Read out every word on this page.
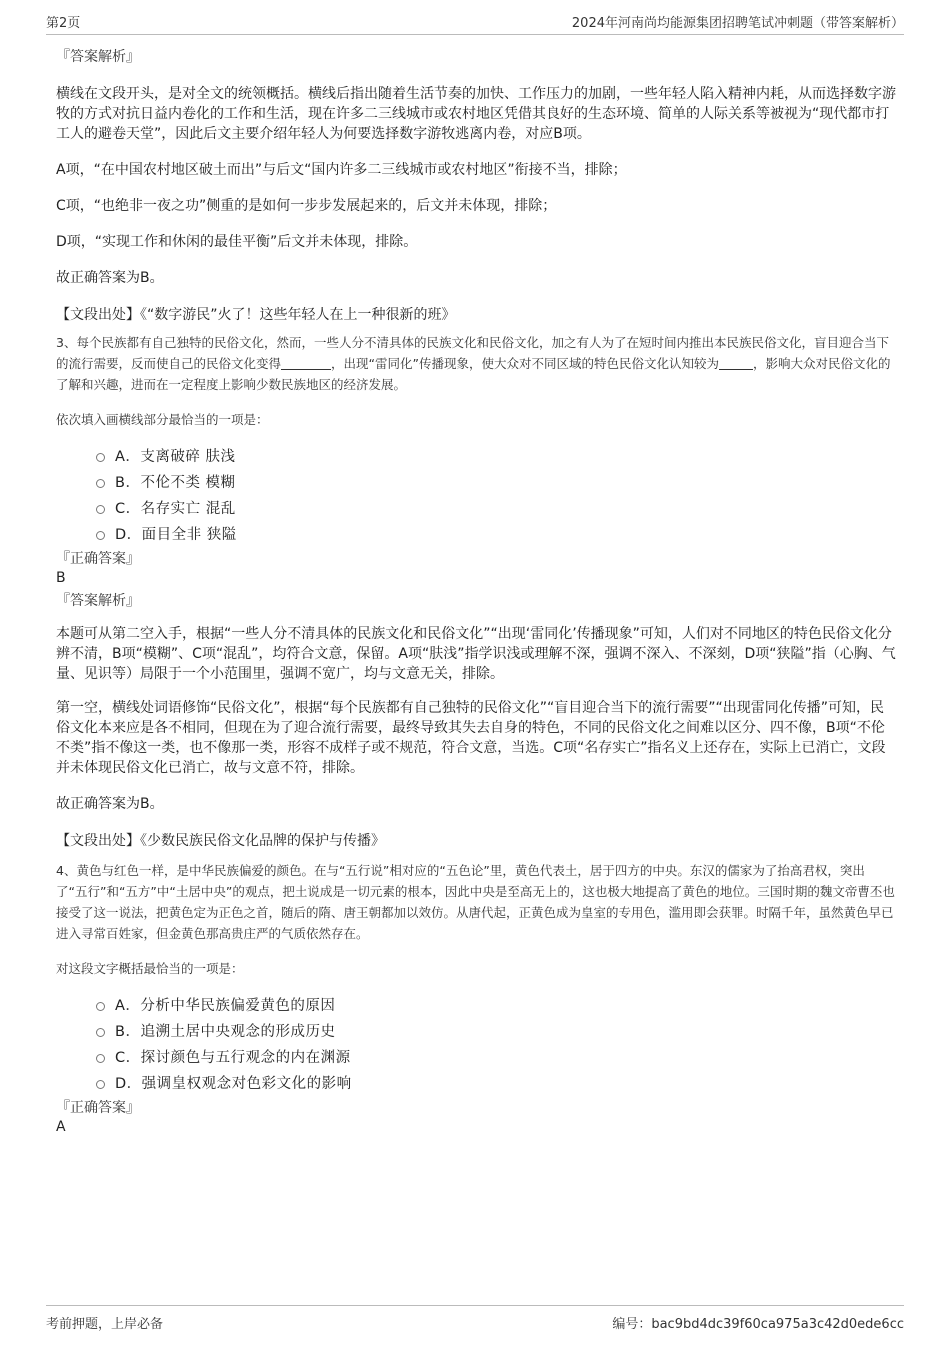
第2页	2024年河南尚均能源集团招聘笔试冲刺题（带答案解析）
『答案解析』

横线在文段开头，是对全文的统领概括。横线后指出随着生活节奏的加快、工作压力的加剧，一些年轻人陷入精神内耗，从而选择数字游牧的方式对抗日益内卷化的工作和生活，现在许多二三线城市或农村地区凭借其良好的生态环境、简单的人际关系等被视为“现代都市打工人的避卷天堂”，因此后文主要介绍年轻人为何要选择数字游牧逃离内卷，对应B项。

A项，“在中国农村地区破土而出”与后文“国内许多二三线城市或农村地区”衔接不当，排除；

C项，“也绝非一夜之功”侧重的是如何一步步发展起来的，后文并未体现，排除；

D项，“实现工作和休闲的最佳平衡”后文并未体现，排除。

故正确答案为B。

【文段出处】《“数字游民”火了！这些年轻人在上一种很新的班》

3、每个民族都有自己独特的民俗文化，然而，一些人分不清具体的民族文化和民俗文化，加之有人为了在短时间内推出本民族民俗文化，盲目迎合当下的流行需要，反而使自己的民俗文化变得	，出现“雷同化”传播现象，使大众对不同区域的特色民俗文化认知较为	，影响大众对民俗文化的了解和兴趣，进而在一定程度上影响少数民族地区的经济发展。

依次填入画横线部分最恰当的一项是：

A．支离破碎 肤浅
B．不伦不类 模糊
C．名存实亡 混乱
D．面目全非 狭隘
『正确答案』
B
『答案解析』

本题可从第二空入手，根据“一些人分不清具体的民族文化和民俗文化”“出现‘雷同化’传播现象”可知，人们对不同地区的特色民俗文化分辨不清，B项“模糊”、C项“混乱”，均符合文意，保留。A项“肤浅”指学识浅或理解不深，强调不深入、不深刻，D项“狭隘”指（心胸、气量、见识等）局限于一个小范围里，强调不宽广，均与文意无关，排除。

第一空，横线处词语修饰“民俗文化”，根据“每个民族都有自己独特的民俗文化”“盲目迎合当下的流行需要”“出现雷同化传播”可知，民俗文化本来应是各不相同，但现在为了迎合流行需要，最终导致其失去自身的特色，不同的民俗文化之间难以区分、四不像，B项“不伦不类”指不像这一类，也不像那一类，形容不成样子或不规范，符合文意，当选。C项“名存实亡”指名义上还存在，实际上已消亡，文段并未体现民俗文化已消亡，故与文意不符，排除。

故正确答案为B。

【文段出处】《少数民族民俗文化品牌的保护与传播》

4、黄色与红色一样，是中华民族偏爱的颜色。在与“五行说”相对应的“五色论”里，黄色代表土，居于四方的中央。东汉的儒家为了抬高君权，突出了“五行”和“五方”中“土居中央”的观点，把土说成是一切元素的根本，因此中央是至高无上的，这也极大地提高了黄色的地位。三国时期的魏文帝曹丕也接受了这一说法，把黄色定为正色之首，随后的隋、唐王朝都加以效仿。从唐代起，正黄色成为皇室的专用色，滥用即会获罪。时隔千年，虽然黄色早已进入寻常百姓家，但金黄色那高贵庄严的气质依然存在。

对这段文字概括最恰当的一项是：

A．分析中华民族偏爱黄色的原因
B．追溯土居中央观念的形成历史
C．探讨颜色与五行观念的内在渊源
D．强调皇权观念对色彩文化的影响
『正确答案』
A
考前押题，上岸必备	编号：bac9bd4dc39f60ca975a3c42d0ede6cc
